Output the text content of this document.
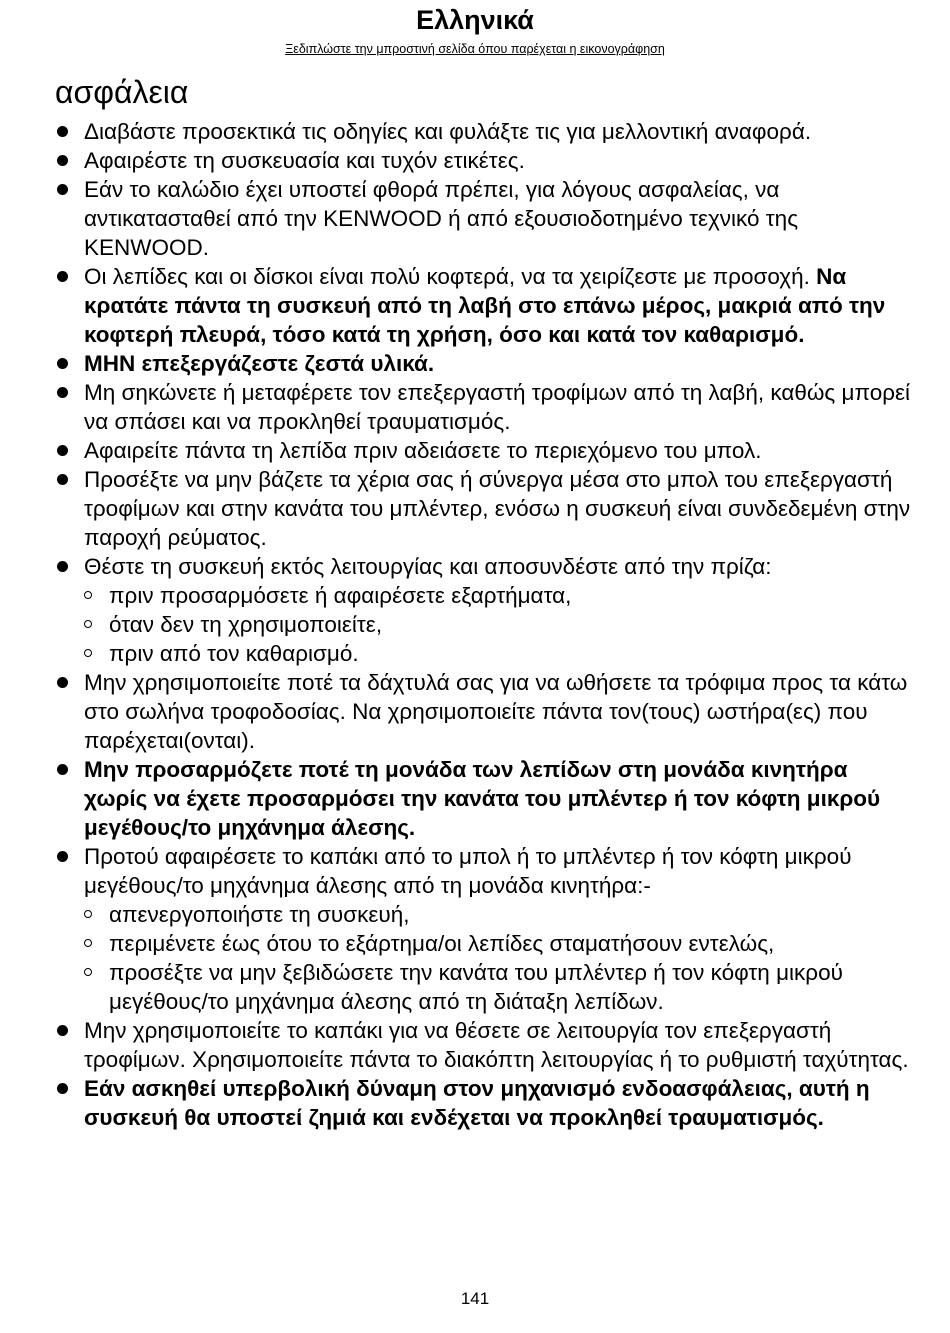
Ελληνικά

Ξεδιπλώστε την μπροστινή σελίδα όπου παρέχεται η εικονογράφηση

ασφάλεια
Διαβάστε προσεκτικά τις οδηγίες και φυλάξτε τις για μελλοντική αναφορά.
Αφαιρέστε τη συσκευασία και τυχόν ετικέτες.
Εάν το καλώδιο έχει υποστεί φθορά πρέπει, για λόγους ασφαλείας, να αντικατασταθεί από την KENWOOD ή από εξουσιοδοτημένο τεχνικό της KENWOOD.
Οι λεπίδες και οι δίσκοι είναι πολύ κοφτερά, να τα χειρίζεστε με προσοχή. Να κρατάτε πάντα τη συσκευή από τη λαβή στο επάνω μέρος, μακριά από την κοφτερή πλευρά, τόσο κατά τη χρήση, όσο και κατά τον καθαρισμό.
ΜΗΝ επεξεργάζεστε ζεστά υλικά.
Μη σηκώνετε ή μεταφέρετε τον επεξεργαστή τροφίμων από τη λαβή, καθώς μπορεί να σπάσει και να προκληθεί τραυματισμός.
Αφαιρείτε πάντα τη λεπίδα πριν αδειάσετε το περιεχόμενο του μπολ.
Προσέξτε να μην βάζετε τα χέρια σας ή σύνεργα μέσα στο μπολ του επεξεργαστή τροφίμων και στην κανάτα του μπλέντερ, ενόσω η συσκευή είναι συνδεδεμένη στην παροχή ρεύματος.
Θέστε τη συσκευή εκτός λειτουργίας και αποσυνδέστε από την πρίζα:
πριν προσαρμόσετε ή αφαιρέσετε εξαρτήματα,
όταν δεν τη χρησιμοποιείτε,
πριν από τον καθαρισμό.
Μην χρησιμοποιείτε ποτέ τα δάχτυλά σας για να ωθήσετε τα τρόφιμα προς τα κάτω στο σωλήνα τροφοδοσίας. Να χρησιμοποιείτε πάντα τον(τους) ωστήρα(ες) που παρέχεται(ονται).
Μην προσαρμόζετε ποτέ τη μονάδα των λεπίδων στη μονάδα κινητήρα χωρίς να έχετε προσαρμόσει την κανάτα του μπλέντερ ή τον κόφτη μικρού μεγέθους/το μηχάνημα άλεσης.
Προτού αφαιρέσετε το καπάκι από το μπολ ή το μπλέντερ ή τον κόφτη μικρού μεγέθους/το μηχάνημα άλεσης από τη μονάδα κινητήρα:-
απενεργοποιήστε τη συσκευή,
περιμένετε έως ότου το εξάρτημα/οι λεπίδες σταματήσουν εντελώς,
προσέξτε να μην ξεβιδώσετε την κανάτα του μπλέντερ ή τον κόφτη μικρού μεγέθους/το μηχάνημα άλεσης από τη διάταξη λεπίδων.
Μην χρησιμοποιείτε το καπάκι για να θέσετε σε λειτουργία τον επεξεργαστή τροφίμων. Χρησιμοποιείτε πάντα το διακόπτη λειτουργίας ή το ρυθμιστή ταχύτητας.
Εάν ασκηθεί υπερβολική δύναμη στον μηχανισμό ενδοασφάλειας, αυτή η συσκευή θα υποστεί ζημιά και ενδέχεται να προκληθεί τραυματισμός.

141
